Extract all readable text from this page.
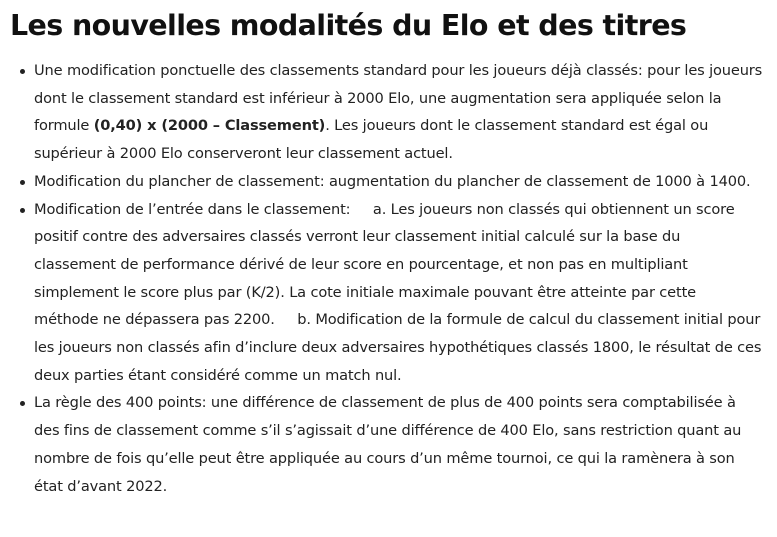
Les nouvelles modalités du Elo et des titres
Une modification ponctuelle des classements standard pour les joueurs déjà classés: pour les joueurs dont le classement standard est inférieur à 2000 Elo, une augmentation sera appliquée selon la formule (0,40) x (2000 – Classement). Les joueurs dont le classement standard est égal ou supérieur à 2000 Elo conserveront leur classement actuel.
Modification du plancher de classement: augmentation du plancher de classement de 1000 à 1400.
Modification de l’entrée dans le classement:     a. Les joueurs non classés qui obtiennent un score positif contre des adversaires classés verront leur classement initial calculé sur la base du classement de performance dérivé de leur score en pourcentage, et non pas en multipliant simplement le score plus par (K/2). La cote initiale maximale pouvant être atteinte par cette méthode ne dépassera pas 2200.     b. Modification de la formule de calcul du classement initial pour les joueurs non classés afin d’inclure deux adversaires hypothétiques classés 1800, le résultat de ces deux parties étant considéré comme un match nul.
La règle des 400 points: une différence de classement de plus de 400 points sera comptabilisée à des fins de classement comme s’il s’agissait d’une différence de 400 Elo, sans restriction quant au nombre de fois qu’elle peut être appliquée au cours d’un même tournoi, ce qui la ramènera à son état d’avant 2022.
